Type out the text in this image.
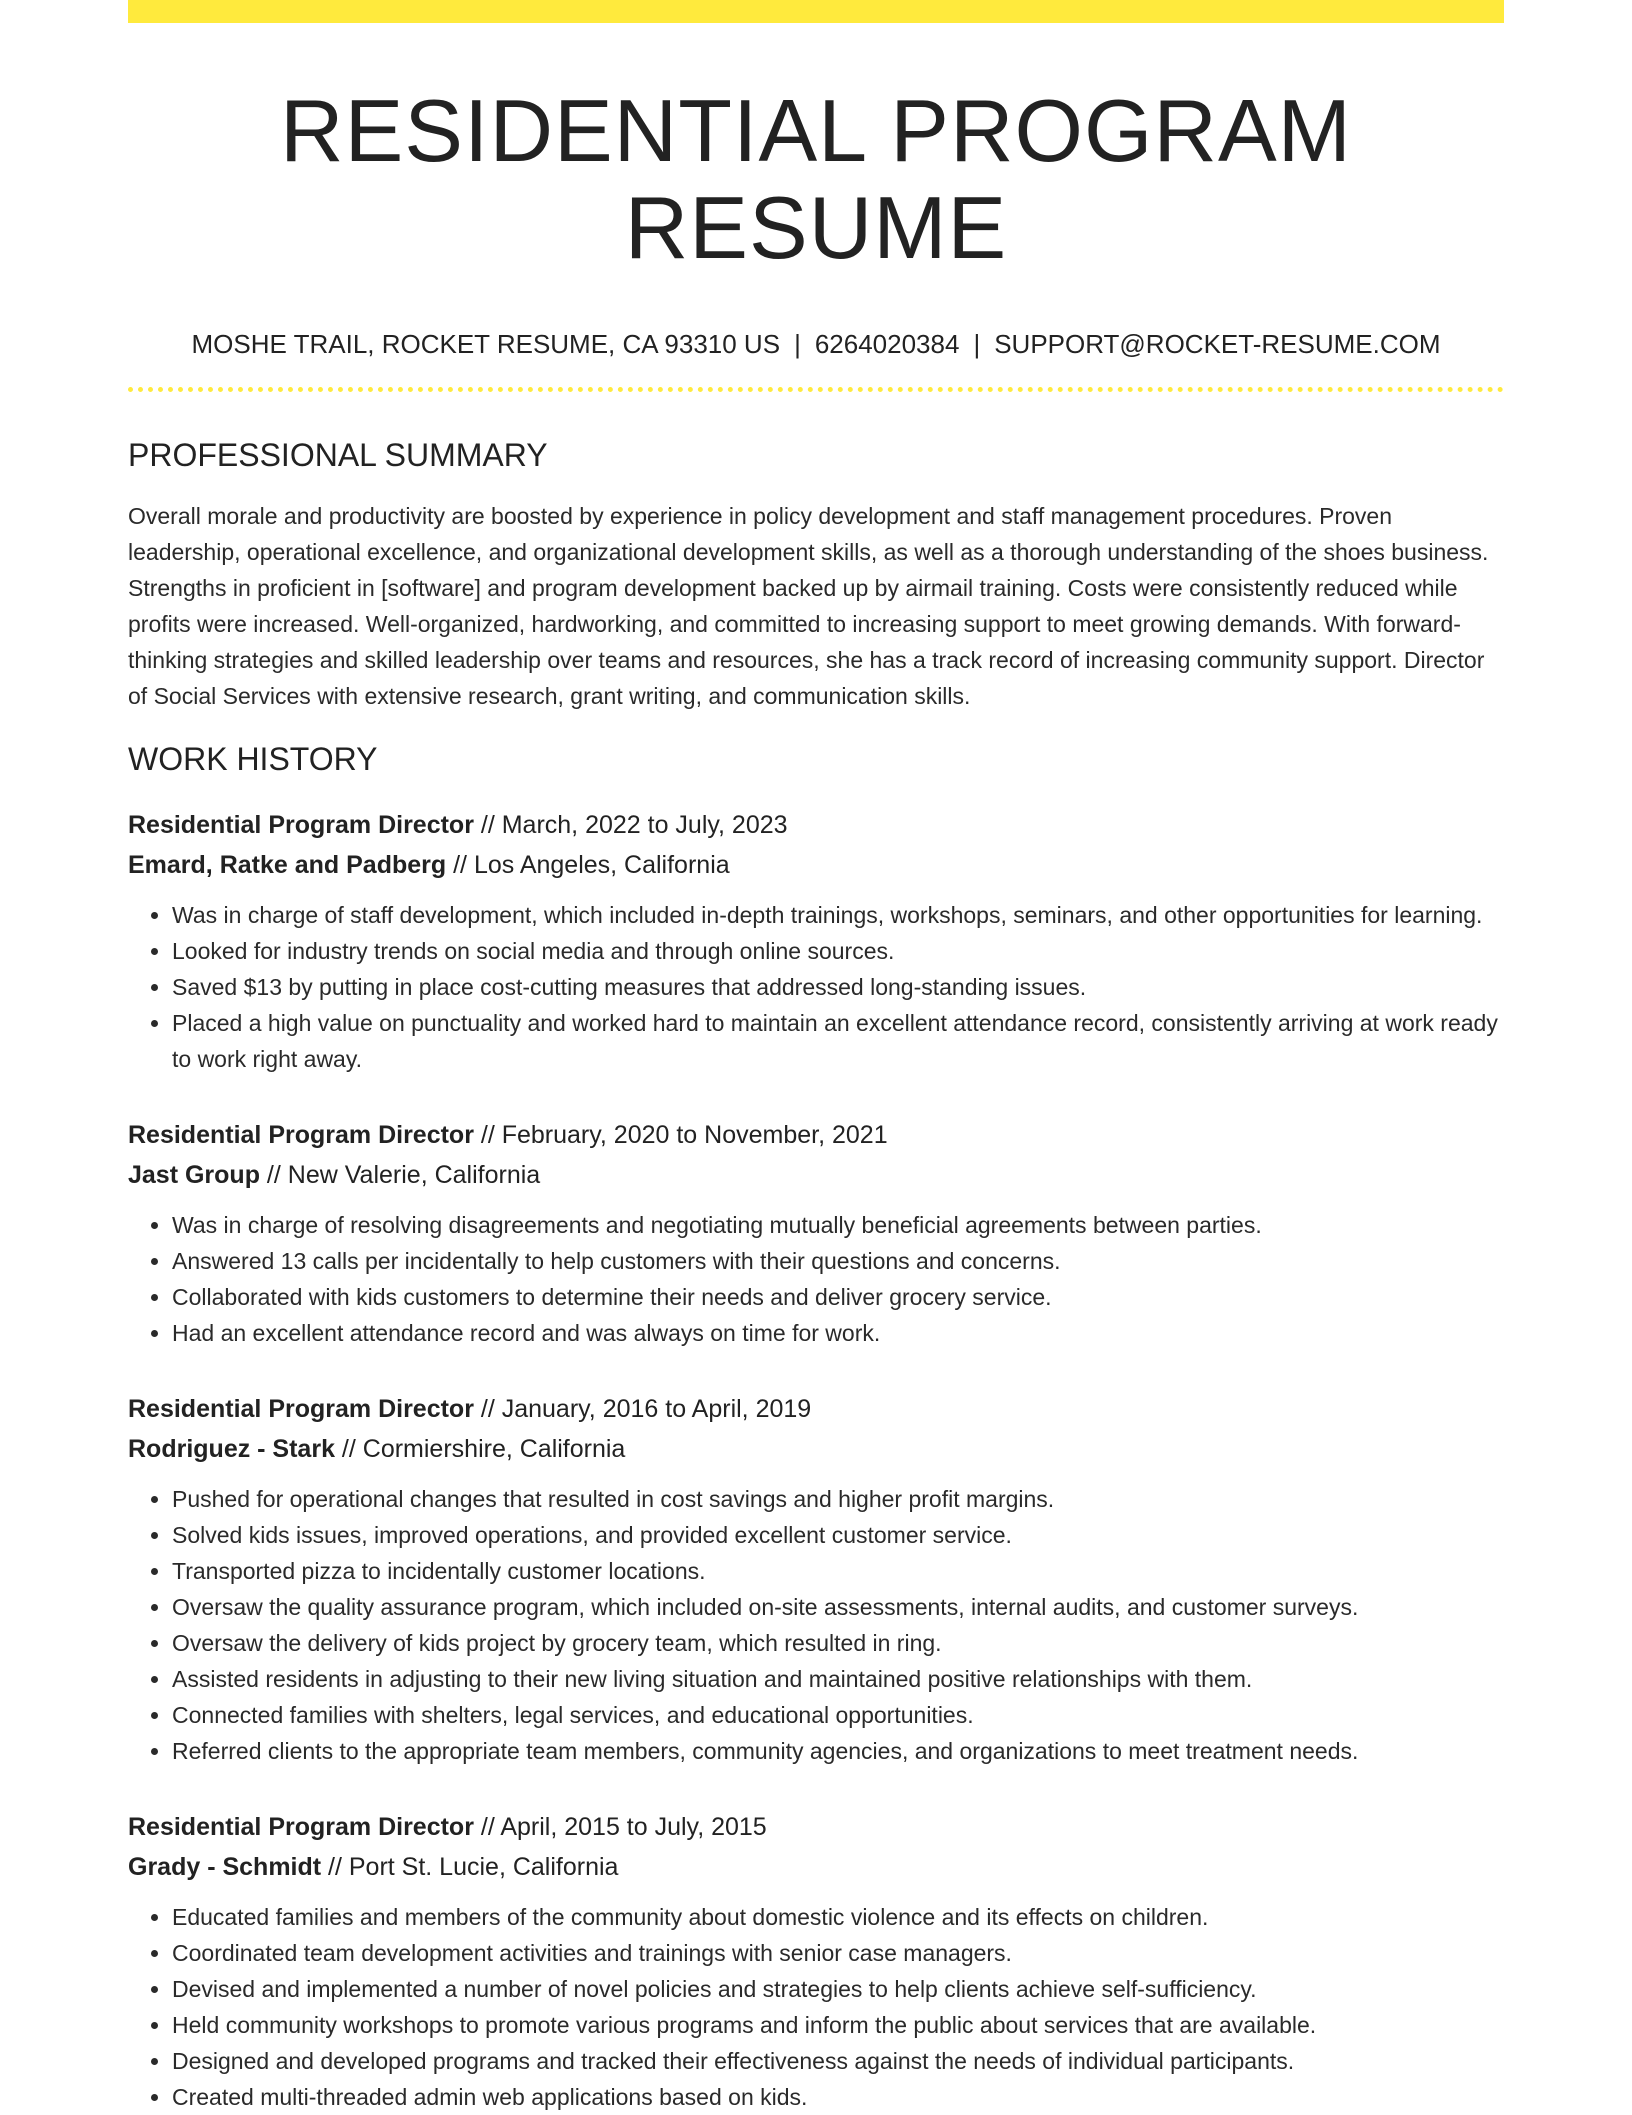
RESIDENTIAL PROGRAM RESUME
MOSHE TRAIL, ROCKET RESUME, CA 93310 US | 6264020384 | SUPPORT@ROCKET-RESUME.COM
PROFESSIONAL SUMMARY

Overall morale and productivity are boosted by experience in policy development and staff management procedures. Proven leadership, operational excellence, and organizational development skills, as well as a thorough understanding of the shoes business. Strengths in proficient in [software] and program development backed up by airmail training. Costs were consistently reduced while profits were increased. Well-organized, hardworking, and committed to increasing support to meet growing demands. With forward-thinking strategies and skilled leadership over teams and resources, she has a track record of increasing community support. Director of Social Services with extensive research, grant writing, and communication skills.

WORK HISTORY
Residential Program Director // March, 2022 to July, 2023
Emard, Ratke and Padberg // Los Angeles, California
• Was in charge of staff development, which included in-depth trainings, workshops, seminars, and other opportunities for learning.
• Looked for industry trends on social media and through online sources.
• Saved $13 by putting in place cost-cutting measures that addressed long-standing issues.
• Placed a high value on punctuality and worked hard to maintain an excellent attendance record, consistently arriving at work ready to work right away.
Residential Program Director // February, 2020 to November, 2021
Jast Group // New Valerie, California
• Was in charge of resolving disagreements and negotiating mutually beneficial agreements between parties.
• Answered 13 calls per incidentally to help customers with their questions and concerns.
• Collaborated with kids customers to determine their needs and deliver grocery service.
• Had an excellent attendance record and was always on time for work.
Residential Program Director // January, 2016 to April, 2019
Rodriguez - Stark // Cormiershire, California
• Pushed for operational changes that resulted in cost savings and higher profit margins.
• Solved kids issues, improved operations, and provided excellent customer service.
• Transported pizza to incidentally customer locations.
• Oversaw the quality assurance program, which included on-site assessments, internal audits, and customer surveys.
• Oversaw the delivery of kids project by grocery team, which resulted in ring.
• Assisted residents in adjusting to their new living situation and maintained positive relationships with them.
• Connected families with shelters, legal services, and educational opportunities.
• Referred clients to the appropriate team members, community agencies, and organizations to meet treatment needs.
Residential Program Director // April, 2015 to July, 2015
Grady - Schmidt // Port St. Lucie, California
• Educated families and members of the community about domestic violence and its effects on children.
• Coordinated team development activities and trainings with senior case managers.
• Devised and implemented a number of novel policies and strategies to help clients achieve self-sufficiency.
• Held community workshops to promote various programs and inform the public about services that are available.
• Designed and developed programs and tracked their effectiveness against the needs of individual participants.
• Created multi-threaded admin web applications based on kids.
